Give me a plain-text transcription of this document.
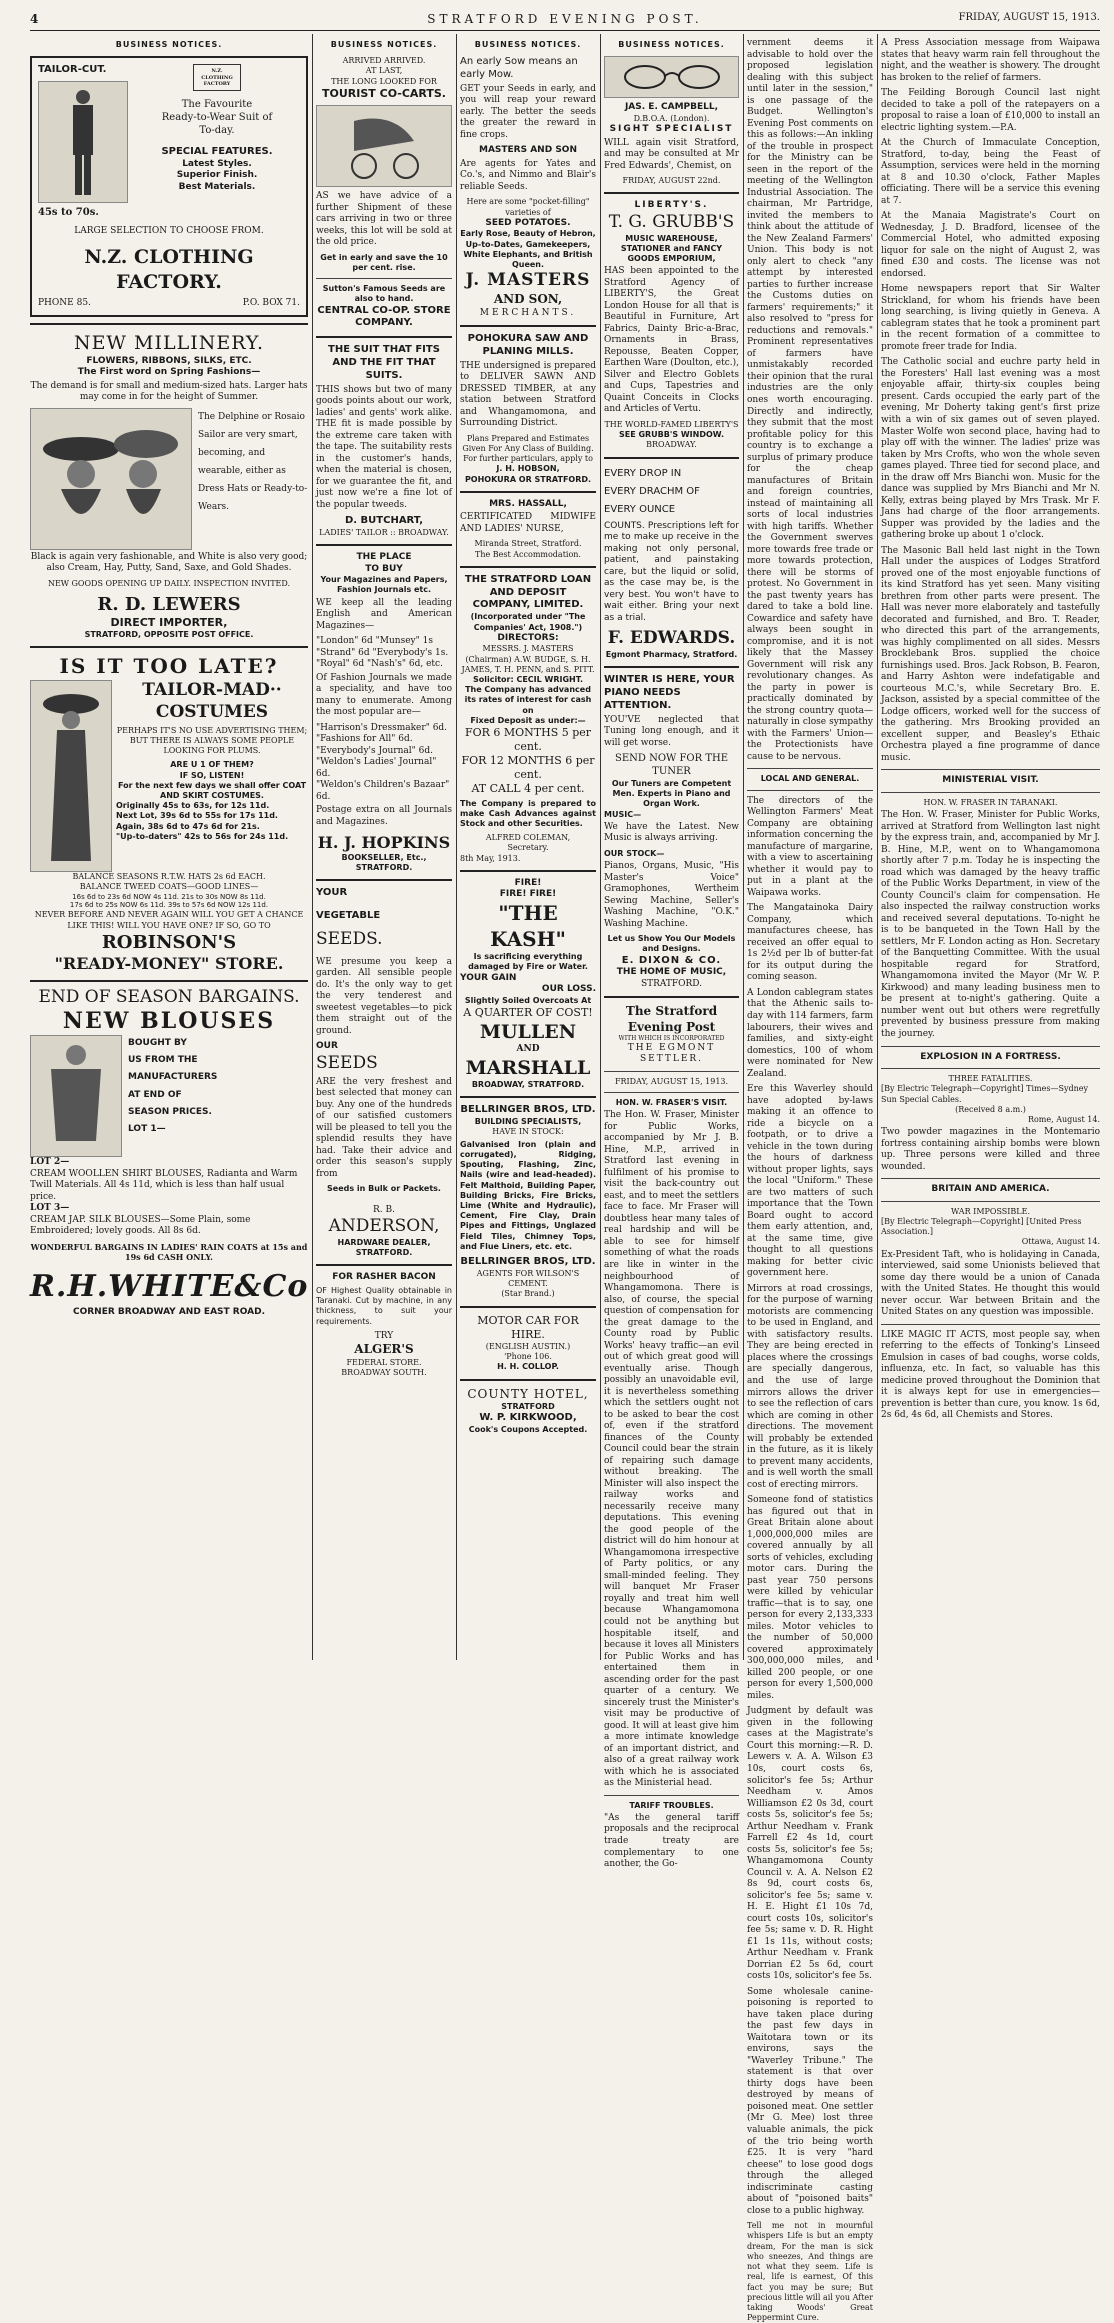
4	STRATFORD EVENING POST.	FRIDAY, AUGUST 15, 1913.
BUSINESS NOTICES.
TAILOR-CUT.
45s to 70s.
N.Z. CLOTHING FACTORY
The Favourite
Ready-to-Wear Suit of
To-day.
SPECIAL FEATURES.
Latest Styles.
Superior Finish.
Best Materials.
LARGE SELECTION TO CHOOSE FROM.
N.Z. CLOTHING FACTORY.
PHONE 85.	P.O. BOX 71.
NEW MILLINERY.
FLOWERS, RIBBONS, SILKS, ETC.
The First word on Spring Fashions—

The demand is for small and medium-sized hats. Larger hats may come in for the height of Summer.

The Delphine or Rosaio Sailor are very smart, becoming, and wearable, either as Dress Hats or Ready-to-Wears.

Black is again very fashionable, and White is also very good; also Cream, Hay, Putty, Sand, Saxe, and Gold Shades.

NEW GOODS OPENING UP DAILY. INSPECTION INVITED.
R. D. LEWERS
DIRECT IMPORTER,
STRATFORD, OPPOSITE POST OFFICE.
IS IT TOO LATE?
TAILOR-MAD··
COSTUMES

PERHAPS IT'S NO USE ADVERTISING THEM; BUT THERE IS ALWAYS SOME PEOPLE LOOKING FOR PLUMS.

ARE U 1 OF THEM?
IF SO, LISTEN!
For the next few days we shall offer COAT AND SKIRT COSTUMES.
Originally 45s to 63s, for 12s 11d.
Next Lot, 39s 6d to 55s for 17s 11d.
Again, 38s 6d to 47s 6d for 21s.
"Up-to-daters" 42s to 56s for 24s 11d.
BALANCE SEASONS R.T.W. HATS 2s 6d EACH.
BALANCE TWEED COATS—GOOD LINES—
16s 6d to 23s 6d NOW 4s 11d. 21s to 30s NOW 8s 11d.
17s 6d to 25s NOW 6s 11d. 39s to 57s 6d NOW 12s 11d.
NEVER BEFORE AND NEVER AGAIN WILL YOU GET A CHANCE LIKE THIS! WILL YOU HAVE ONE? IF SO, GO TO
ROBINSON'S
"READY-MONEY" STORE.
END OF SEASON BARGAINS.
NEW BLOUSES
BOUGHT BY
US FROM THE
MANUFACTURERS
AT END OF
SEASON PRICES.
LOT 1—
LOT 2—
CREAM WOOLLEN SHIRT BLOUSES, Radianta and Warm Twill Materials. All 4s 11d, which is less than half usual price.
LOT 3—
CREAM JAP. SILK BLOUSES—Some Plain, some Embroidered; lovely goods. All 8s 6d.
WONDERFUL BARGAINS IN LADIES' RAIN COATS at 15s and 19s 6d CASH ONLY.
R.H.WHITE&Co
CORNER BROADWAY AND EAST ROAD.
BUSINESS NOTICES.
ARRIVED ARRIVED.
AT LAST,
THE LONG LOOKED FOR
TOURIST CO-CARTS.

AS we have advice of a further Shipment of these cars arriving in two or three weeks, this lot will be sold at the old price.

Get in early and save the 10 per cent. rise.
Sutton's Famous Seeds are also to hand.
CENTRAL CO-OP. STORE COMPANY.
THE SUIT THAT FITS AND THE FIT THAT SUITS.

THIS shows but two of many goods points about our work, ladies' and gents' work alike. THE fit is made possible by the extreme care taken with the tape. The suitability rests in the customer's hands, when the material is chosen, for we guarantee the fit, and just now we're a fine lot of the popular tweeds.

D. BUTCHART,
LADIES' TAILOR :: BROADWAY.
THE PLACE
TO BUY
Your Magazines and Papers, Fashion Journals etc.

WE keep all the leading English and American Magazines—

"London" 6d "Munsey" 1s
"Strand" 6d "Everybody's 1s.
"Royal" 6d "Nash's" 6d, etc.

Of Fashion Journals we made a speciality, and have too many to enumerate. Among the most popular are—

"Harrison's Dressmaker" 6d.
"Fashions for All" 6d.
"Everybody's Journal" 6d.
"Weldon's Ladies' Journal" 6d.
"Weldon's Children's Bazaar" 6d.

Postage extra on all Journals and Magazines.

H. J. HOPKINS
BOOKSELLER, Etc., STRATFORD.
YOUR
VEGETABLE
SEEDS.

WE presume you keep a garden. All sensible people do. It's the only way to get the very tenderest and sweetest vegetables—to pick them straight out of the ground.

OUR
SEEDS

ARE the very freshest and best selected that money can buy. Any one of the hundreds of our satisfied customers will be pleased to tell you the splendid results they have had. Take their advice and order this season's supply from

Seeds in Bulk or Packets.
R. B.
ANDERSON,
HARDWARE DEALER,
STRATFORD.
FOR RASHER BACON

OF Highest Quality obtainable in Taranaki. Cut by machine, in any thickness, to suit your requirements.

TRY
ALGER'S
FEDERAL STORE.
BROADWAY SOUTH.
BUSINESS NOTICES.
An early Sow means an early Mow.

GET your Seeds in early, and you will reap your reward early. The better the seeds the greater the reward in fine crops.

MASTERS AND SON

Are agents for Yates and Co.'s, and Nimmo and Blair's reliable Seeds.

Here are some "pocket-filling" varieties of
SEED POTATOES.
Early Rose, Beauty of Hebron, Up-to-Dates, Gamekeepers, White Elephants, and British Queen.
J. MASTERS
AND SON,
MERCHANTS.
POHOKURA SAW AND PLANING MILLS.

THE undersigned is prepared to DELIVER SAWN AND DRESSED TIMBER, at any station between Stratford and Whangamomona, and Surrounding District.

Plans Prepared and Estimates Given For Any Class of Building.
For further particulars, apply to
J. H. HOBSON,
POHOKURA OR STRATFORD.
MRS. HASSALL,

CERTIFICATED MIDWIFE AND LADIES' NURSE,

Miranda Street, Stratford.
The Best Accommodation.
THE STRATFORD LOAN AND DEPOSIT COMPANY, LIMITED.
(Incorporated under "The Companies' Act, 1908.")
DIRECTORS:
MESSRS. J. MASTERS (Chairman) A.W. BUDGE, S. H. JAMES, T. H. PENN, and S. PITT.
Solicitor: CECIL WRIGHT.
The Company has advanced its rates of interest for cash on
Fixed Deposit as under:—
FOR 6 MONTHS 5 per cent.
FOR 12 MONTHS 6 per cent.
AT CALL 4 per cent.

The Company is prepared to make Cash Advances against Stock and other Securities.

ALFRED COLEMAN,
Secretary.
8th May, 1913.
FIRE!
FIRE! FIRE!
"THE KASH"
Is sacrificing everything damaged by Fire or Water.
YOUR GAIN
OUR LOSS.
Slightly Soiled Overcoats At
A QUARTER OF COST!
MULLEN
AND
MARSHALL
BROADWAY, STRATFORD.
BELLRINGER BROS, LTD.
BUILDING SPECIALISTS,
HAVE IN STOCK:

Galvanised Iron (plain and corrugated), Ridging, Spouting, Flashing, Zinc, Nails (wire and lead-headed). Felt Malthoid, Building Paper, Building Bricks, Fire Bricks, Lime (White and Hydraulic), Cement, Fire Clay, Drain Pipes and Fittings, Unglazed Field Tiles, Chimney Tops, and Flue Liners, etc. etc.

BELLRINGER BROS, LTD.
AGENTS FOR WILSON'S CEMENT.
(Star Brand.)
MOTOR CAR FOR HIRE.
(ENGLISH AUSTIN.)
'Phone 106.
H. H. COLLOP.
COUNTY HOTEL,
STRATFORD
W. P. KIRKWOOD,
Cook's Coupons Accepted.
BUSINESS NOTICES.
JAS. E. CAMPBELL,
D.B.O.A. (London).
SIGHT SPECIALIST

WILL again visit Stratford, and may be consulted at Mr Fred Edwards', Chemist, on

FRIDAY, AUGUST 22nd.
LIBERTY'S.
T. G. GRUBB'S
MUSIC WAREHOUSE,
STATIONER and FANCY GOODS EMPORIUM,

HAS been appointed to the Stratford Agency of LIBERTY'S, the Great London House for all that is Beautiful in Furniture, Art Fabrics, Dainty Bric-a-Brac, Ornaments in Brass, Repousse, Beaten Copper, Earthen Ware (Doulton, etc.), Silver and Electro Goblets and Cups, Tapestries and Quaint Conceits in Clocks and Articles of Vertu.

THE WORLD-FAMED LIBERTY'S
SEE GRUBB'S WINDOW.
BROADWAY.
EVERY DROP IN
EVERY DRACHM OF
EVERY OUNCE

COUNTS. Prescriptions left for me to make up receive in the making not only personal, patient, and painstaking care, but the liquid or solid, as the case may be, is the very best. You won't have to wait either. Bring your next as a trial.

F. EDWARDS.
Egmont Pharmacy, Stratford.
WINTER IS HERE, YOUR PIANO NEEDS ATTENTION.

YOU'VE neglected that Tuning long enough, and it will get worse.

SEND NOW FOR THE TUNER
Our Tuners are Competent Men. Experts in Piano and Organ Work.
MUSIC—

We have the Latest. New Music is always arriving.

OUR STOCK—

Pianos, Organs, Music, "His Master's Voice" Gramophones, Wertheim Sewing Machine, Seller's Washing Machine, "O.K." Washing Machine.

Let us Show You Our Models and Designs.
E. DIXON & CO.
THE HOME OF MUSIC,
STRATFORD.
The Stratford Evening Post
WITH WHICH IS INCORPORATED
THE EGMONT SETTLER.
FRIDAY, AUGUST 15, 1913.
HON. W. FRASER'S VISIT.

The Hon. W. Fraser, Minister for Public Works, accompanied by Mr J. B. Hine, M.P., arrived in Stratford last evening in fulfilment of his promise to visit the back-country out east, and to meet the settlers face to face. Mr Fraser will doubtless hear many tales of real hardship and will be able to see for himself something of what the roads are like in winter in the neighbourhood of Whangamomona. There is also, of course, the special question of compensation for the great damage to the County road by Public Works' heavy traffic—an evil out of which great good will eventually arise. Though possibly an unavoidable evil, it is nevertheless something which the settlers ought not to be asked to bear the cost of, even if the stratford finances of the County Council could bear the strain of repairing such damage without breaking. The Minister will also inspect the railway works and necessarily receive many deputations. This evening the good people of the district will do him honour at Whangamomona irrespective of Party politics, or any small-minded feeling. They will banquet Mr Fraser royally and treat him well because Whangamomona could not be anything but hospitable itself, and because it loves all Ministers for Public Works and has entertained them in ascending order for the past quarter of a century. We sincerely trust the Minister's visit may be productive of good. It will at least give him a more intimate knowledge of an important district, and also of a great railway work with which he is associated as the Ministerial head.

TARIFF TROUBLES.

"As the general tariff proposals and the reciprocal trade treaty are complementary to one another, the Go-

vernment deems it advisable to hold over the proposed legislation dealing with this subject until later in the session," is one passage of the Budget. Wellington's Evening Post comments on this as follows:—An inkling of the trouble in prospect for the Ministry can be seen in the report of the meeting of the Wellington Industrial Association. The chairman, Mr Partridge, invited the members to think about the attitude of the New Zealand Farmers' Union. This body is not only alert to check "any attempt by interested parties to further increase the Customs duties on farmers' requirements;" it also resolved to "press for reductions and removals." Prominent representatives of farmers have unmistakably recorded their opinion that the rural industries are the only ones worth encouraging. Directly and indirectly, they submit that the most profitable policy for this country is to exchange a surplus of primary produce for the cheap manufactures of Britain and foreign countries, instead of maintaining all sorts of local industries with high tariffs. Whether the Government swerves more towards free trade or more towards protection, there will be storms of protest. No Government in the past twenty years has dared to take a bold line. Cowardice and safety have always been sought in compromise, and it is not likely that the Massey Government will risk any revolutionary changes. As the party in power is practically dominated by the strong country quota—naturally in close sympathy with the Farmers' Union—the Protectionists have cause to be nervous.

LOCAL AND GENERAL.

The directors of the Wellington Farmers' Meat Company are obtaining information concerning the manufacture of margarine, with a view to ascertaining whether it would pay to put in a plant at the Waipawa works.

The Mangatainoka Dairy Company, which manufactures cheese, has received an offer equal to 1s 2½d per lb of butter-fat for its output during the coming season.

A London cablegram states that the Athenic sails to-day with 114 farmers, farm labourers, their wives and families, and sixty-eight domestics, 100 of whom were nominated for New Zealand.

Ere this Waverley should have adopted by-laws making it an offence to ride a bicycle on a footpath, or to drive a vehicle in the town during the hours of darkness without proper lights, says the local "Uniform." These are two matters of such importance that the Town Board ought to accord them early attention, and, at the same time, give thought to all questions making for better civic government here.

Mirrors at road crossings, for the purpose of warning motorists are commencing to be used in England, and with satisfactory results. They are being erected in places where the crossings are specially dangerous, and the use of large mirrors allows the driver to see the reflection of cars which are coming in other directions. The movement will probably be extended in the future, as it is likely to prevent many accidents, and is well worth the small cost of erecting mirrors.

Someone fond of statistics has figured out that in Great Britain alone about 1,000,000,000 miles are covered annually by all sorts of vehicles, excluding motor cars. During the past year 750 persons were killed by vehicular traffic—that is to say, one person for every 2,133,333 miles. Motor vehicles to the number of 50,000 covered approximately 300,000,000 miles, and killed 200 people, or one person for every 1,500,000 miles.

Judgment by default was given in the following cases at the Magistrate's Court this morning:—R. D. Lewers v. A. A. Wilson £3 10s, court costs 6s, solicitor's fee 5s; Arthur Needham v. Amos Williamson £2 0s 3d, court costs 5s, solicitor's fee 5s; Arthur Needham v. Frank Farrell £2 4s 1d, court costs 5s, solicitor's fee 5s; Whangamomona County Council v. A. A. Nelson £2 8s 9d, court costs 6s, solicitor's fee 5s; same v. H. E. Hight £1 10s 7d, court costs 10s, solicitor's fee 5s; same v. D. R. Hight £1 1s 11s, without costs; Arthur Needham v. Frank Dorrian £2 5s 6d, court costs 10s, solicitor's fee 5s.

Some wholesale canine-poisoning is reported to have taken place during the past few days in Waitotara town or its environs, says the "Waverley Tribune." The statement is that over thirty dogs have been destroyed by means of poisoned meat. One settler (Mr G. Mee) lost three valuable animals, the pick of the trio being worth £25. It is very "hard cheese" to lose good dogs through the alleged indiscriminate casting about of "poisoned baits" close to a public highway.

Tell me not in mournful whispers Life is but an empty dream, For the man is sick who sneezes, And things are not what they seem. Life is real, life is earnest, Of this fact you may be sure; But precious little will ail you After taking Woods' Great Peppermint Cure.

A Press Association message from Waipawa states that heavy warm rain fell throughout the night, and the weather is showery. The drought has broken to the relief of farmers.

The Feilding Borough Council last night decided to take a poll of the ratepayers on a proposal to raise a loan of £10,000 to install an electric lighting system.—P.A.

At the Church of Immaculate Conception, Stratford, to-day, being the Feast of Assumption, services were held in the morning at 8 and 10.30 o'clock, Father Maples officiating. There will be a service this evening at 7.

At the Manaia Magistrate's Court on Wednesday, J. D. Bradford, licensee of the Commercial Hotel, who admitted exposing liquor for sale on the night of August 2, was fined £30 and costs. The license was not endorsed.

Home newspapers report that Sir Walter Strickland, for whom his friends have been long searching, is living quietly in Geneva. A cablegram states that he took a prominent part in the recent formation of a committee to promote freer trade for India.

The Catholic social and euchre party held in the Foresters' Hall last evening was a most enjoyable affair, thirty-six couples being present. Cards occupied the early part of the evening, Mr Doherty taking gent's first prize with a win of six games out of seven played. Master Wolfe won second place, having had to play off with the winner. The ladies' prize was taken by Mrs Crofts, who won the whole seven games played. Three tied for second place, and in the draw off Mrs Bianchi won. Music for the dance was supplied by Mrs Bianchi and Mr N. Kelly, extras being played by Mrs Trask. Mr F. Jans had charge of the floor arrangements. Supper was provided by the ladies and the gathering broke up about 1 o'clock.

The Masonic Ball held last night in the Town Hall under the auspices of Lodges Stratford proved one of the most enjoyable functions of its kind Stratford has yet seen. Many visiting brethren from other parts were present. The Hall was never more elaborately and tastefully decorated and furnished, and Bro. T. Reader, who directed this part of the arrangements, was highly complimented on all sides. Messrs Brocklebank Bros. supplied the choice furnishings used. Bros. Jack Robson, B. Fearon, and Harry Ashton were indefatigable and courteous M.C.'s, while Secretary Bro. E. Jackson, assisted by a special committee of the Lodge officers, worked well for the success of the gathering. Mrs Brooking provided an excellent supper, and Beasley's Ethaic Orchestra played a fine programme of dance music.

MINISTERIAL VISIT.
HON. W. FRASER IN TARANAKI.

The Hon. W. Fraser, Minister for Public Works, arrived at Stratford from Wellington last night by the express train, and, accompanied by Mr J. B. Hine, M.P., went on to Whangamomona shortly after 7 p.m. Today he is inspecting the road which was damaged by the heavy traffic of the Public Works Department, in view of the County Council's claim for compensation. He also inspected the railway construction works and received several deputations. To-night he is to be banqueted in the Town Hall by the settlers, Mr F. London acting as Hon. Secretary of the Banquetting Committee. With the usual hospitable regard for Stratford, Whangamomona invited the Mayor (Mr W. P. Kirkwood) and many leading business men to be present at to-night's gathering. Quite a number went out but others were regretfully prevented by business pressure from making the journey.

EXPLOSION IN A FORTRESS.
THREE FATALITIES.
[By Electric Telegraph—Copyright] Times—Sydney Sun Special Cables.
(Received 8 a.m.)
Rome, August 14.

Two powder magazines in the Montemario fortress containing airship bombs were blown up. Three persons were killed and three wounded.

BRITAIN AND AMERICA.
WAR IMPOSSIBLE.
[By Electric Telegraph—Copyright] [United Press Association.]
Ottawa, August 14.

Ex-President Taft, who is holidaying in Canada, interviewed, said some Unionists believed that some day there would be a union of Canada with the United States. He thought this would never occur. War between Britain and the United States on any question was impossible.

LIKE MAGIC IT ACTS, most people say, when referring to the effects of Tonking's Linseed Emulsion in cases of bad coughs, worse colds, influenza, etc. In fact, so valuable has this medicine proved throughout the Dominion that it is always kept for use in emergencies—prevention is better than cure, you know. 1s 6d, 2s 6d, 4s 6d, all Chemists and Stores.
